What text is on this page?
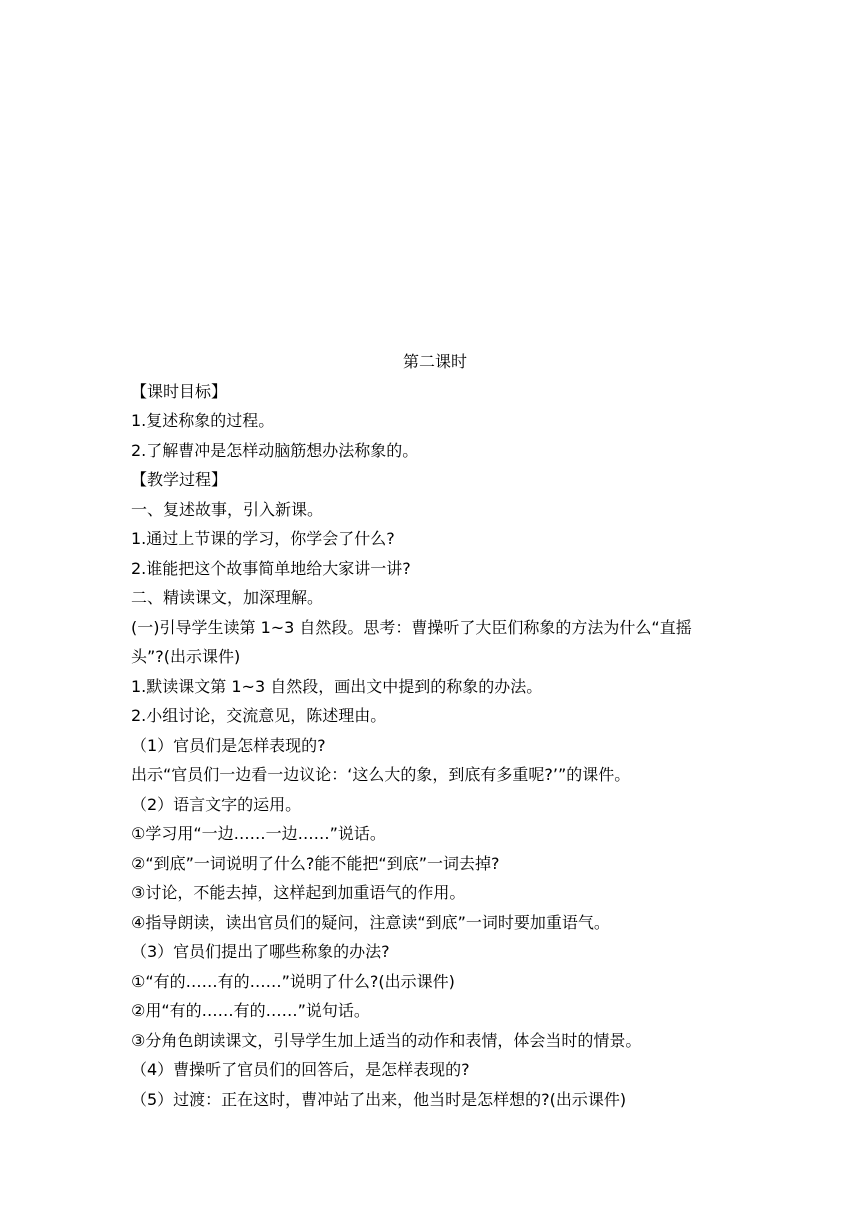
第二课时
【课时目标】
1.复述称象的过程。
2.了解曹冲是怎样动脑筋想办法称象的。
【教学过程】
一、复述故事，引入新课。
1.通过上节课的学习，你学会了什么?
2.谁能把这个故事简单地给大家讲一讲?
二、精读课文，加深理解。
(一)引导学生读第 1~3 自然段。思考：曹操听了大臣们称象的方法为什么“直摇
头”?(出示课件)
1.默读课文第 1~3 自然段，画出文中提到的称象的办法。
2.小组讨论，交流意见，陈述理由。
（1）官员们是怎样表现的?
出示“官员们一边看一边议论：‘这么大的象，到底有多重呢?’”的课件。
（2）语言文字的运用。
①学习用“一边……一边……”说话。
②“到底”一词说明了什么?能不能把“到底”一词去掉?
③讨论，不能去掉，这样起到加重语气的作用。
④指导朗读，读出官员们的疑问，注意读“到底”一词时要加重语气。
（3）官员们提出了哪些称象的办法?
①“有的……有的……”说明了什么?(出示课件)
②用“有的……有的……”说句话。
③分角色朗读课文，引导学生加上适当的动作和表情，体会当时的情景。
（4）曹操听了官员们的回答后，是怎样表现的?
（5）过渡：正在这时，曹冲站了出来，他当时是怎样想的?(出示课件)
